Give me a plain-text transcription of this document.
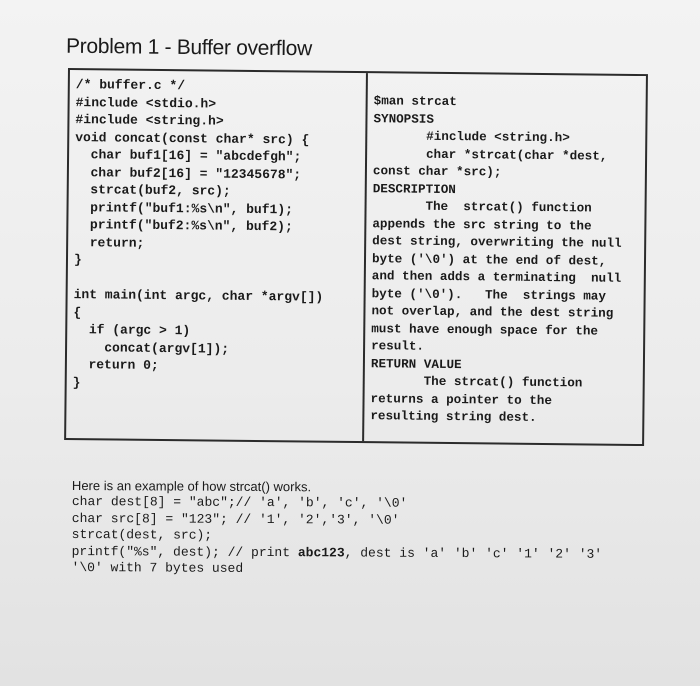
Problem 1 - Buffer overflow
/* buffer.c */
#include <stdio.h>
#include <string.h>
void concat(const char* src) {
char buf1[16] = "abcdefgh";
char buf2[16] = "12345678";
strcat(buf2, src);
printf("buf1:%s\n", buf1);
printf("buf2:%s\n", buf2);
return;
}

int main(int argc, char *argv[])
{
if (argc > 1)
concat(argv[1]);
return 0;
}
$man strcat
SYNOPSIS
#include <string.h>
char *strcat(char *dest,
const char *src);
DESCRIPTION
The  strcat() function
appends the src string to the
dest string, overwriting the null
byte ('\0') at the end of dest,
and then adds a terminating  null
byte ('\0').   The  strings may
not overlap, and the dest string
must have enough space for the
result.
RETURN VALUE
The strcat() function
returns a pointer to the
resulting string dest.
Here is an example of how strcat() works.
char dest[8] = "abc";// 'a', 'b', 'c', '\0'
char src[8] = "123"; // '1', '2','3', '\0'
strcat(dest, src);
printf("%s", dest); // print abc123, dest is 'a' 'b' 'c' '1' '2' '3'
'\0' with 7 bytes used
